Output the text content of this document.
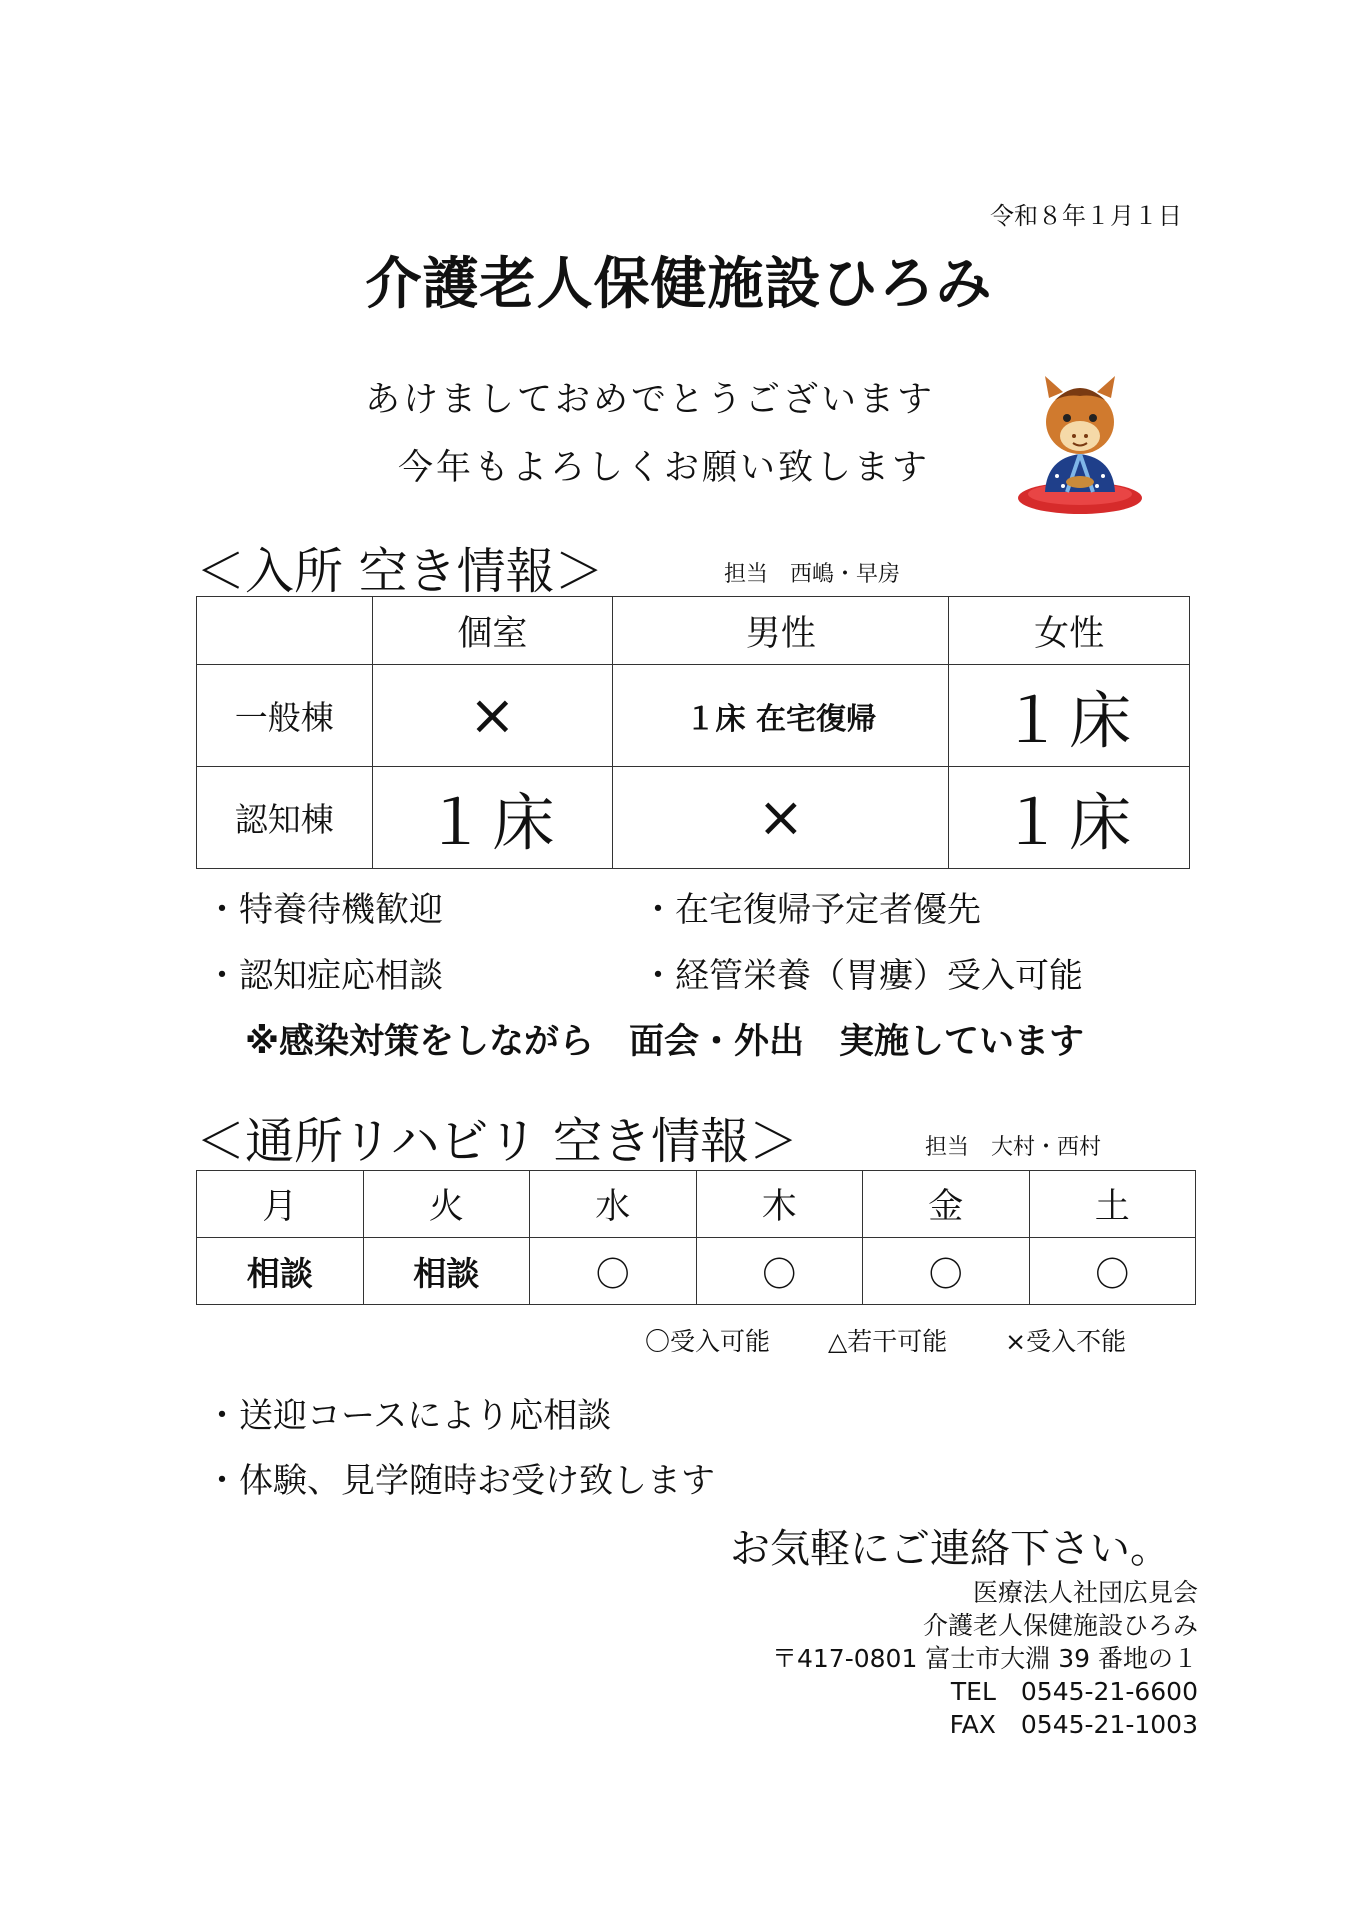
令和８年１月１日
介護老人保健施設ひろみ
あけましておめでとうございます
今年もよろしくお願い致します
＜入所 空き情報＞	担当　西嶋・早房
	個室	男性	女性
一般棟	×	１床 在宅復帰	１床
認知棟	１床	×	１床
・特養待機歓迎	・在宅復帰予定者優先
・認知症応相談	・経管栄養（胃瘻）受入可能
※感染対策をしながら　面会・外出　実施しています
＜通所リハビリ 空き情報＞	担当　大村・西村
月	火	水	木	金	土
相談	相談	〇	〇	〇	〇
〇受入可能 △若干可能 ×受入不能
・送迎コースにより応相談
・体験、見学随時お受け致します
お気軽にご連絡下さい。
医療法人社団広見会
介護老人保健施設ひろみ
〒417-0801 富士市大淵 39 番地の１
TEL　0545-21-6600
FAX　0545-21-1003
